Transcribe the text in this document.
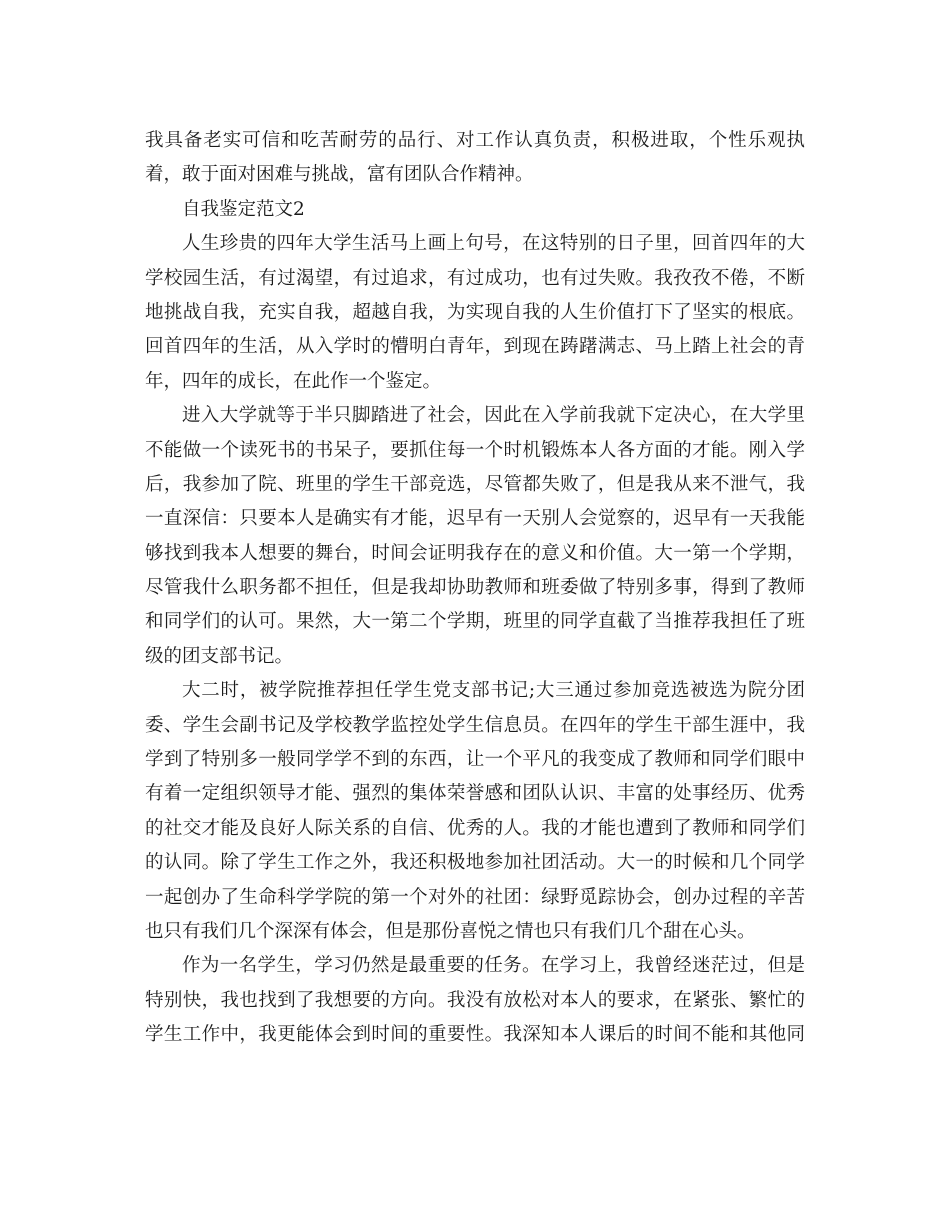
我具备老实可信和吃苦耐劳的品行、对工作认真负责，积极进取，个性乐观执
着，敢于面对困难与挑战，富有团队合作精神。
自我鉴定范文2
人生珍贵的四年大学生活马上画上句号，在这特别的日子里，回首四年的大
学校园生活，有过渴望，有过追求，有过成功，也有过失败。我孜孜不倦，不断
地挑战自我，充实自我，超越自我，为实现自我的人生价值打下了坚实的根底。
回首四年的生活，从入学时的懵明白青年，到现在踌躇满志、马上踏上社会的青
年，四年的成长，在此作一个鉴定。
进入大学就等于半只脚踏进了社会，因此在入学前我就下定决心，在大学里
不能做一个读死书的书呆子，要抓住每一个时机锻炼本人各方面的才能。刚入学
后，我参加了院、班里的学生干部竞选，尽管都失败了，但是我从来不泄气，我
一直深信：只要本人是确实有才能，迟早有一天别人会觉察的，迟早有一天我能
够找到我本人想要的舞台，时间会证明我存在的意义和价值。大一第一个学期，
尽管我什么职务都不担任，但是我却协助教师和班委做了特别多事，得到了教师
和同学们的认可。果然，大一第二个学期，班里的同学直截了当推荐我担任了班
级的团支部书记。
大二时，被学院推荐担任学生党支部书记;大三通过参加竞选被选为院分团
委、学生会副书记及学校教学监控处学生信息员。在四年的学生干部生涯中，我
学到了特别多一般同学学不到的东西，让一个平凡的我变成了教师和同学们眼中
有着一定组织领导才能、强烈的集体荣誉感和团队认识、丰富的处事经历、优秀
的社交才能及良好人际关系的自信、优秀的人。我的才能也遭到了教师和同学们
的认同。除了学生工作之外，我还积极地参加社团活动。大一的时候和几个同学
一起创办了生命科学学院的第一个对外的社团：绿野觅踪协会，创办过程的辛苦
也只有我们几个深深有体会，但是那份喜悦之情也只有我们几个甜在心头。
作为一名学生，学习仍然是最重要的任务。在学习上，我曾经迷茫过，但是
特别快，我也找到了我想要的方向。我没有放松对本人的要求，在紧张、繁忙的
学生工作中，我更能体会到时间的重要性。我深知本人课后的时间不能和其他同
